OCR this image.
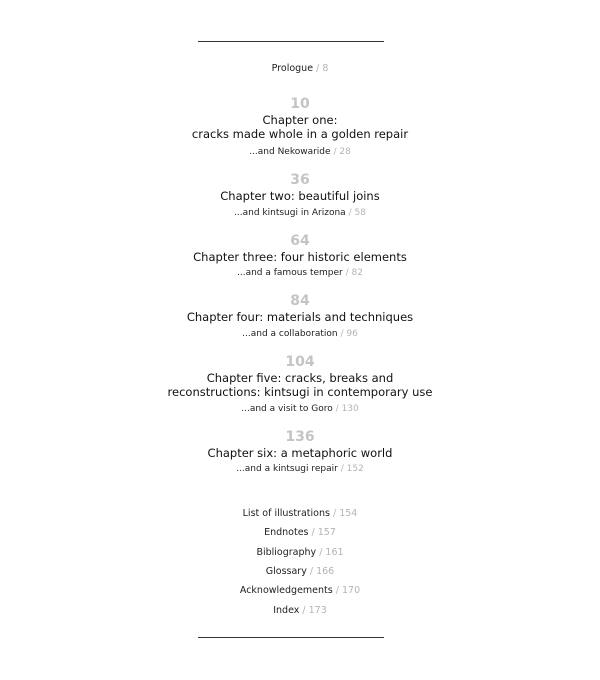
Prologue / 8
10
Chapter one:
cracks made whole in a golden repair
...and Nekowaride / 28
36
Chapter two: beautiful joins
...and kintsugi in Arizona / 58
64
Chapter three: four historic elements
...and a famous temper / 82
84
Chapter four: materials and techniques
...and a collaboration / 96
104
Chapter five: cracks, breaks and
reconstructions: kintsugi in contemporary use
...and a visit to Goro / 130
136
Chapter six: a metaphoric world
...and a kintsugi repair / 152
List of illustrations / 154
Endnotes / 157
Bibliography / 161
Glossary / 166
Acknowledgements / 170
Index / 173
